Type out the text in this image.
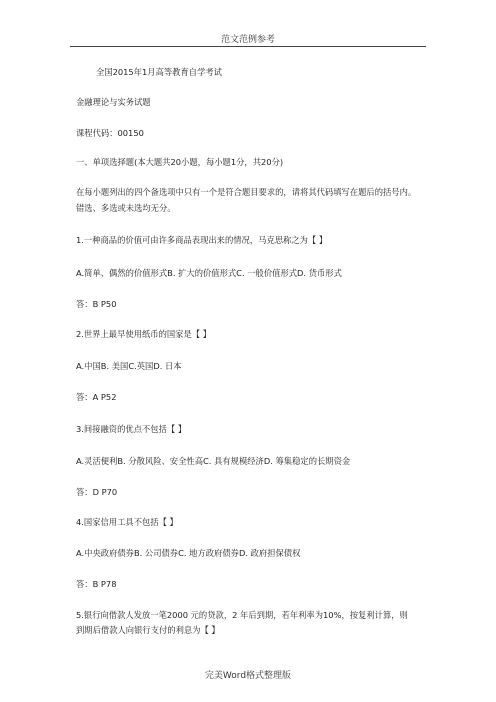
范文范例参考
全国2015年1月高等教育自学考试
金融理论与实务试题
课程代码：00150
一、单项选择题(本大题共20小题，每小题1分，共20分)
在每小题列出的四个备选项中只有一个是符合题目要求的，请将其代码填写在题后的括号内。
错选、多选或未选均无分。
1.一种商品的价值可由许多商品表现出来的情况，马克思称之为【 】
A.简单、偶然的价值形式B. 扩大的价值形式C. 一般价值形式D. 货币形式
答：B P50
2.世界上最早使用纸币的国家是【 】
A.中国B. 美国C.英国D. 日本
答：A P52
3.间接融资的优点不包括【 】
A.灵活便利B. 分散风险、安全性高C. 具有规模经济D. 筹集稳定的长期资金
答：D P70
4.国家信用工具不包括【 】
A.中央政府债券B. 公司债券C. 地方政府债券D. 政府担保债权
答：B P78
5.银行向借款人发放一笔2000 元的贷款，2 年后到期，若年利率为10%，按复利计算，则
到期后借款人向银行支付的利息为【 】
完美Word格式整理版
